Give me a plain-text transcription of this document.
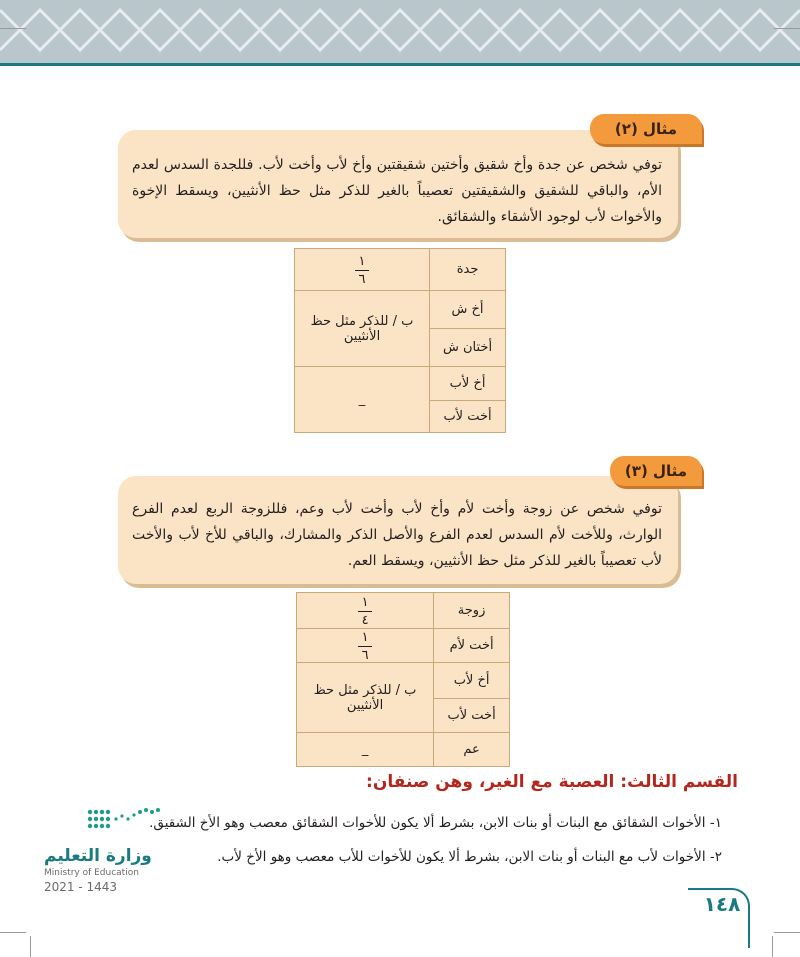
مثال (٢)
توفي شخص عن جدة وأخ شقيق وأختين شقيقتين وأخ لأب وأخت لأب. فللجدة السدس لعدم الأم، والباقي للشقيق والشقيقتين تعصيباً بالغير للذكر مثل حظ الأنثيين، ويسقط الإخوة والأخوات لأب لوجود الأشقاء والشقائق.
جدة	$\frac{١}{٦}$

أخ ش	ب / للذكر مثل حظ الأنثيين
أختان ش	
أخ لأب	_
أخت لأب	
مثال (٣)
توفي شخص عن زوجة وأخت لأم وأخ لأب وأخت لأب وعم، فللزوجة الربع لعدم الفرع الوارث، وللأخت لأم السدس لعدم الفرع والأصل الذكر والمشارك، والباقي للأخ لأب والأخت لأب تعصيباً بالغير للذكر مثل حظ الأنثيين، ويسقط العم.
زوجة	$\frac{١}{٤}$

أخت لأم	$\frac{١}{٦}$

أخ لأب	ب / للذكر مثل حظ الأنثيين
أخت لأب	
عم	_
القسم الثالث: العصبة مع الغير، وهن صنفان:
١- الأخوات الشقائق مع البنات أو بنات الابن، بشرط ألا يكون للأخوات الشقائق معصب وهو الأخ الشقيق.
٢- الأخوات لأب مع البنات أو بنات الابن، بشرط ألا يكون للأخوات للأب معصب وهو الأخ لأب.
وزارة التعليم
Ministry of Education
2021 - 1443
١٤٨
